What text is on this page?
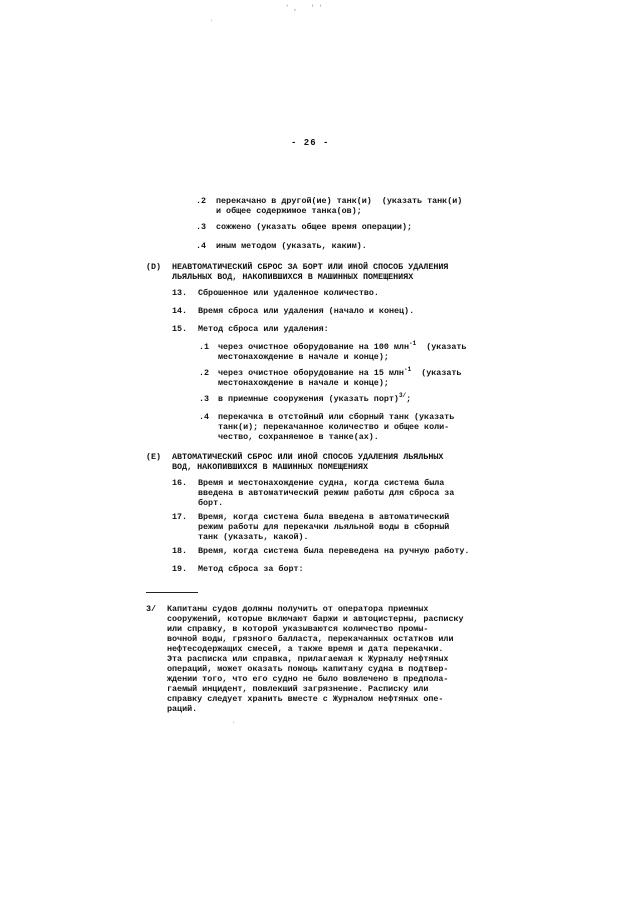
' ,   ' '
'
'
- 26 -
.2 перекачано в другой(ие) танк(и)  (указать танк(и)
и общее содержимое танка(ов);
.3 сожжено (указать общее время операции);
.4 иным методом (указать, каким).
(D) НЕАВТОМАТИЧЕСКИЙ СБРОС ЗА БОРТ ИЛИ ИНОЙ СПОСОБ УДАЛЕНИЯ
ЛЬЯЛЬНЫХ ВОД, НАКОПИВШИХСЯ В МАШИННЫХ ПОМЕЩЕНИЯХ
13. Сброшенное или удаленное количество.
14. Время сброса или удаления (начало и конец).
15. Метод сброса или удаления:
.1 через очистное оборудование на 100 млн$^{-1}$  (указать
местонахождение в начале и конце);
.2 через очистное оборудование на 15 млн$^{-1}$  (указать
местонахождение в начале и конце);
.3 в приемные сооружения (указать порт)$^{3/}$;
.4 перекачка в отстойный или сборный танк (указать
танк(и); перекачанное количество и общее коли-
чество, сохраняемое в танке(ах).
(E) АВТОМАТИЧЕСКИЙ СБРОС ИЛИ ИНОЙ СПОСОБ УДАЛЕНИЯ ЛЬЯЛЬНЫХ
ВОД, НАКОПИВШИХСЯ В МАШИННЫХ ПОМЕЩЕНИЯХ
16. Время и местонахождение судна, когда система была
введена в автоматический режим работы для сброса за
борт.
17. Время, когда система была введена в автоматический
режим работы для перекачки льяльной воды в сборный
танк (указать, какой).
18. Время, когда система была переведена на ручную работу.
19. Метод сброса за борт:
3/ Капитаны судов должны получить от оператора приемных
сооружений, которые включают баржи и автоцистерны, расписку
или справку, в которой указываются количество промы-
вочной воды, грязного балласта, перекачанных остатков или
нефтесодержащих смесей, а также время и дата перекачки.
Эта расписка или справка, прилагаемая к Журналу нефтяных
операций, может оказать помощь капитану судна в подтвер-
ждении того, что его судно не было вовлечено в предпола-
гаемый инцидент, повлекший загрязнение. Расписку или
справку следует хранить вместе с Журналом нефтяных опе-
раций.
